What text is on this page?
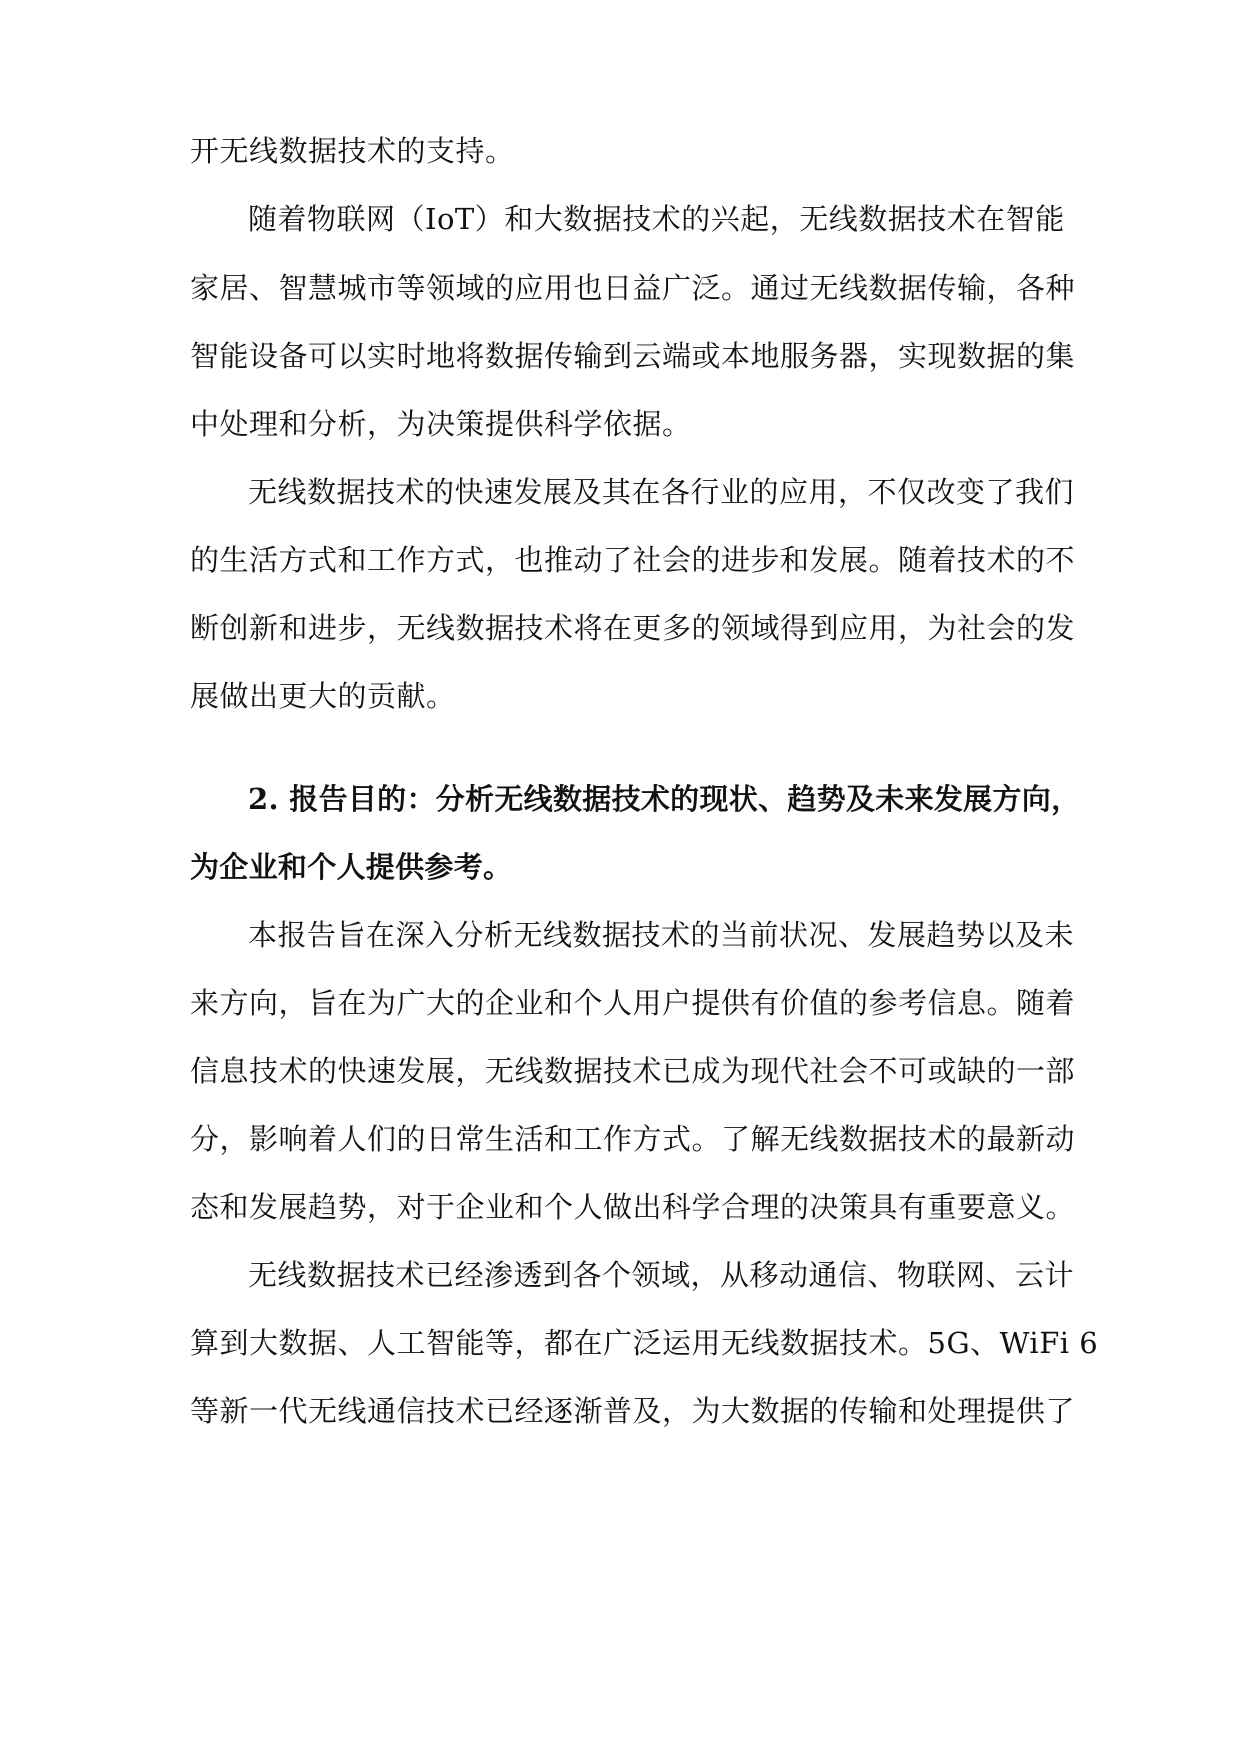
开无线数据技术的支持。
随着物联网（IoT）和大数据技术的兴起，无线数据技术在智能
家居、智慧城市等领域的应用也日益广泛。通过无线数据传输，各种
智能设备可以实时地将数据传输到云端或本地服务器，实现数据的集
中处理和分析，为决策提供科学依据。
无线数据技术的快速发展及其在各行业的应用，不仅改变了我们
的生活方式和工作方式，也推动了社会的进步和发展。随着技术的不
断创新和进步，无线数据技术将在更多的领域得到应用，为社会的发
展做出更大的贡献。
2. 报告目的：分析无线数据技术的现状、趋势及未来发展方向，
为企业和个人提供参考。
本报告旨在深入分析无线数据技术的当前状况、发展趋势以及未
来方向，旨在为广大的企业和个人用户提供有价值的参考信息。随着
信息技术的快速发展，无线数据技术已成为现代社会不可或缺的一部
分，影响着人们的日常生活和工作方式。了解无线数据技术的最新动
态和发展趋势，对于企业和个人做出科学合理的决策具有重要意义。
无线数据技术已经渗透到各个领域，从移动通信、物联网、云计
算到大数据、人工智能等，都在广泛运用无线数据技术。5G、WiFi 6
等新一代无线通信技术已经逐渐普及，为大数据的传输和处理提供了
